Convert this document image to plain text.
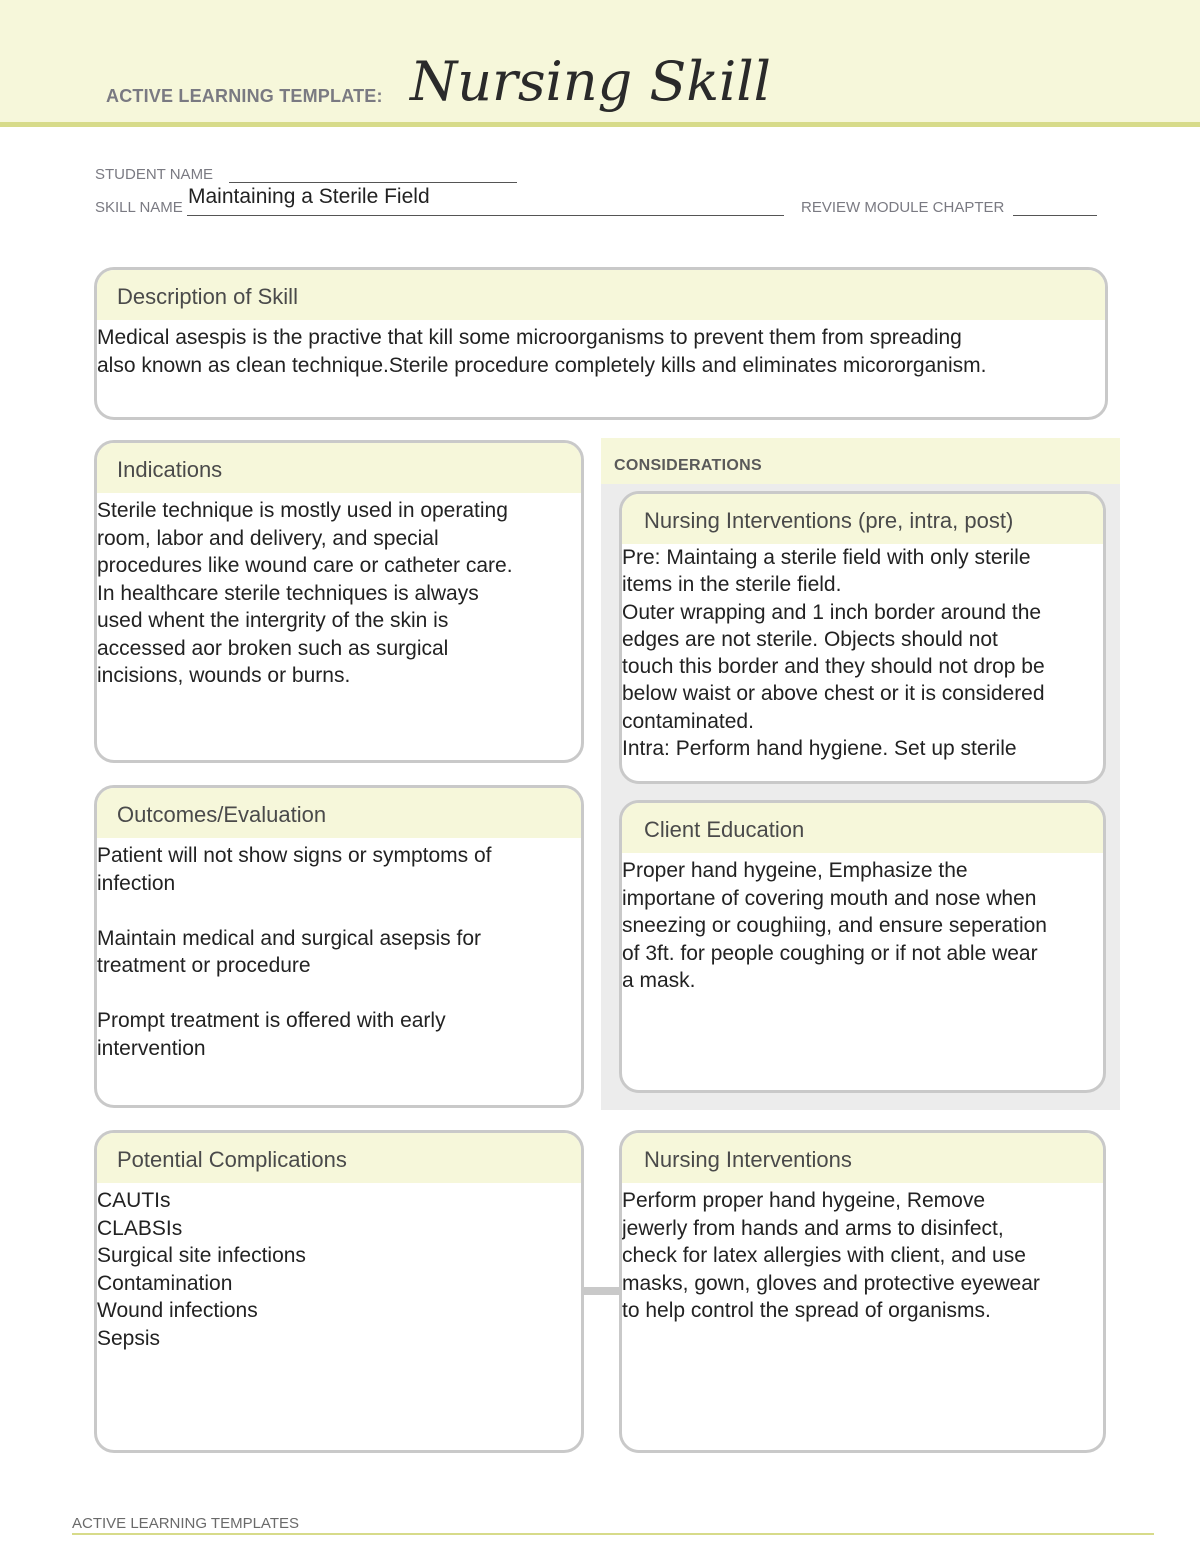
ACTIVE LEARNING TEMPLATE: Nursing Skill
STUDENT NAME
SKILL NAME Maintaining a Sterile Field	REVIEW MODULE CHAPTER
Description of Skill
Medical asespis is the practive that kill some microorganisms to prevent them from spreading
also known as clean technique.Sterile procedure completely kills and eliminates micororganism.
Indications
Sterile technique is mostly used in operating
room, labor and delivery, and special
procedures like wound care or catheter care.
In healthcare sterile techniques is always
used whent the intergrity of the skin is
accessed aor broken such as surgical
incisions, wounds or burns.
Outcomes/Evaluation
Patient will not show signs or symptoms of
infection

Maintain medical and surgical asepsis for
treatment or procedure

Prompt treatment is offered with early
intervention
CONSIDERATIONS
Nursing Interventions (pre, intra, post)
Pre: Maintaing a sterile field with only sterile
items in the sterile field.
Outer wrapping and 1 inch border around the
edges are not sterile. Objects should not
touch this border and they should not drop be
below waist or above chest or it is considered
contaminated.
Intra: Perform hand hygiene. Set up sterile
Client Education
Proper hand hygeine, Emphasize the
importane of covering mouth and nose when
sneezing or coughiing, and ensure seperation
of 3ft. for people coughing or if not able wear
a mask.
Potential Complications
CAUTIs
CLABSIs
Surgical site infections
Contamination
Wound infections
Sepsis
Nursing Interventions
Perform proper hand hygeine, Remove
jewerly from hands and arms to disinfect,
check for latex allergies with client, and use
masks, gown, gloves and protective eyewear
to help control the spread of organisms.
ACTIVE LEARNING TEMPLATES
